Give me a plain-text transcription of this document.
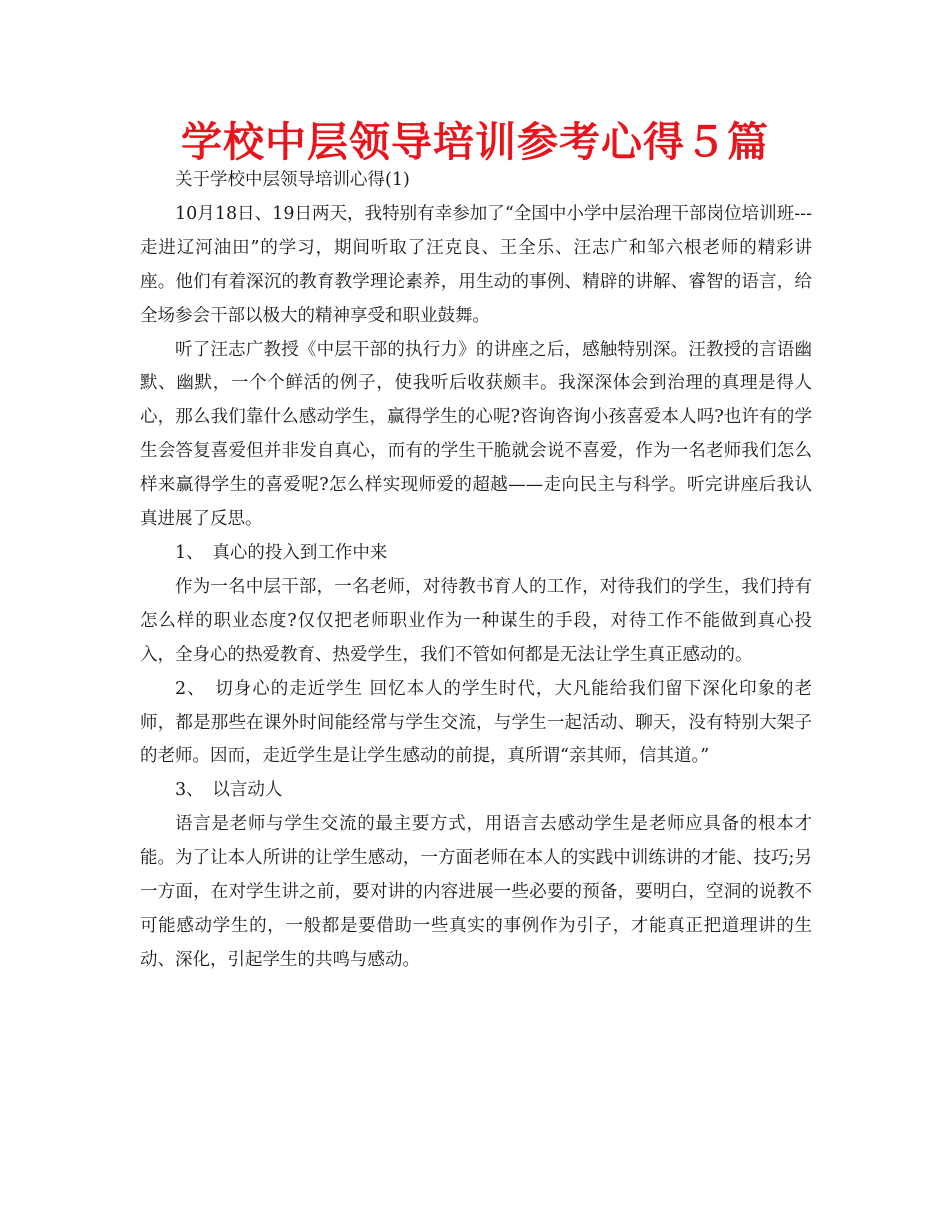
学校中层领导培训参考心得５篇

关于学校中层领导培训心得(1)

10月18日、19日两天，我特别有幸参加了“全国中小学中层治理干部岗位培训班---走进辽河油田”的学习，期间听取了汪克良、王全乐、汪志广和邹六根老师的精彩讲座。他们有着深沉的教育教学理论素养，用生动的事例、精辟的讲解、睿智的语言，给全场参会干部以极大的精神享受和职业鼓舞。

听了汪志广教授《中层干部的执行力》的讲座之后，感触特别深。汪教授的言语幽默、幽默，一个个鲜活的例子，使我听后收获颇丰。我深深体会到治理的真理是得人心，那么我们靠什么感动学生，赢得学生的心呢?咨询咨询小孩喜爱本人吗?也许有的学生会答复喜爱但并非发自真心，而有的学生干脆就会说不喜爱，作为一名老师我们怎么样来赢得学生的喜爱呢?怎么样实现师爱的超越——走向民主与科学。听完讲座后我认真进展了反思。

1、　真心的投入到工作中来

作为一名中层干部，一名老师，对待教书育人的工作，对待我们的学生，我们持有怎么样的职业态度?仅仅把老师职业作为一种谋生的手段，对待工作不能做到真心投入，全身心的热爱教育、热爱学生，我们不管如何都是无法让学生真正感动的。

2、　切身心的走近学生 回忆本人的学生时代，大凡能给我们留下深化印象的老师，都是那些在课外时间能经常与学生交流，与学生一起活动、聊天，没有特别大架子的老师。因而，走近学生是让学生感动的前提，真所谓“亲其师，信其道。”

3、　以言动人

语言是老师与学生交流的最主要方式，用语言去感动学生是老师应具备的根本才能。为了让本人所讲的让学生感动，一方面老师在本人的实践中训练讲的才能、技巧;另一方面，在对学生讲之前，要对讲的内容进展一些必要的预备，要明白，空洞的说教不可能感动学生的，一般都是要借助一些真实的事例作为引子，才能真正把道理讲的生动、深化，引起学生的共鸣与感动。
